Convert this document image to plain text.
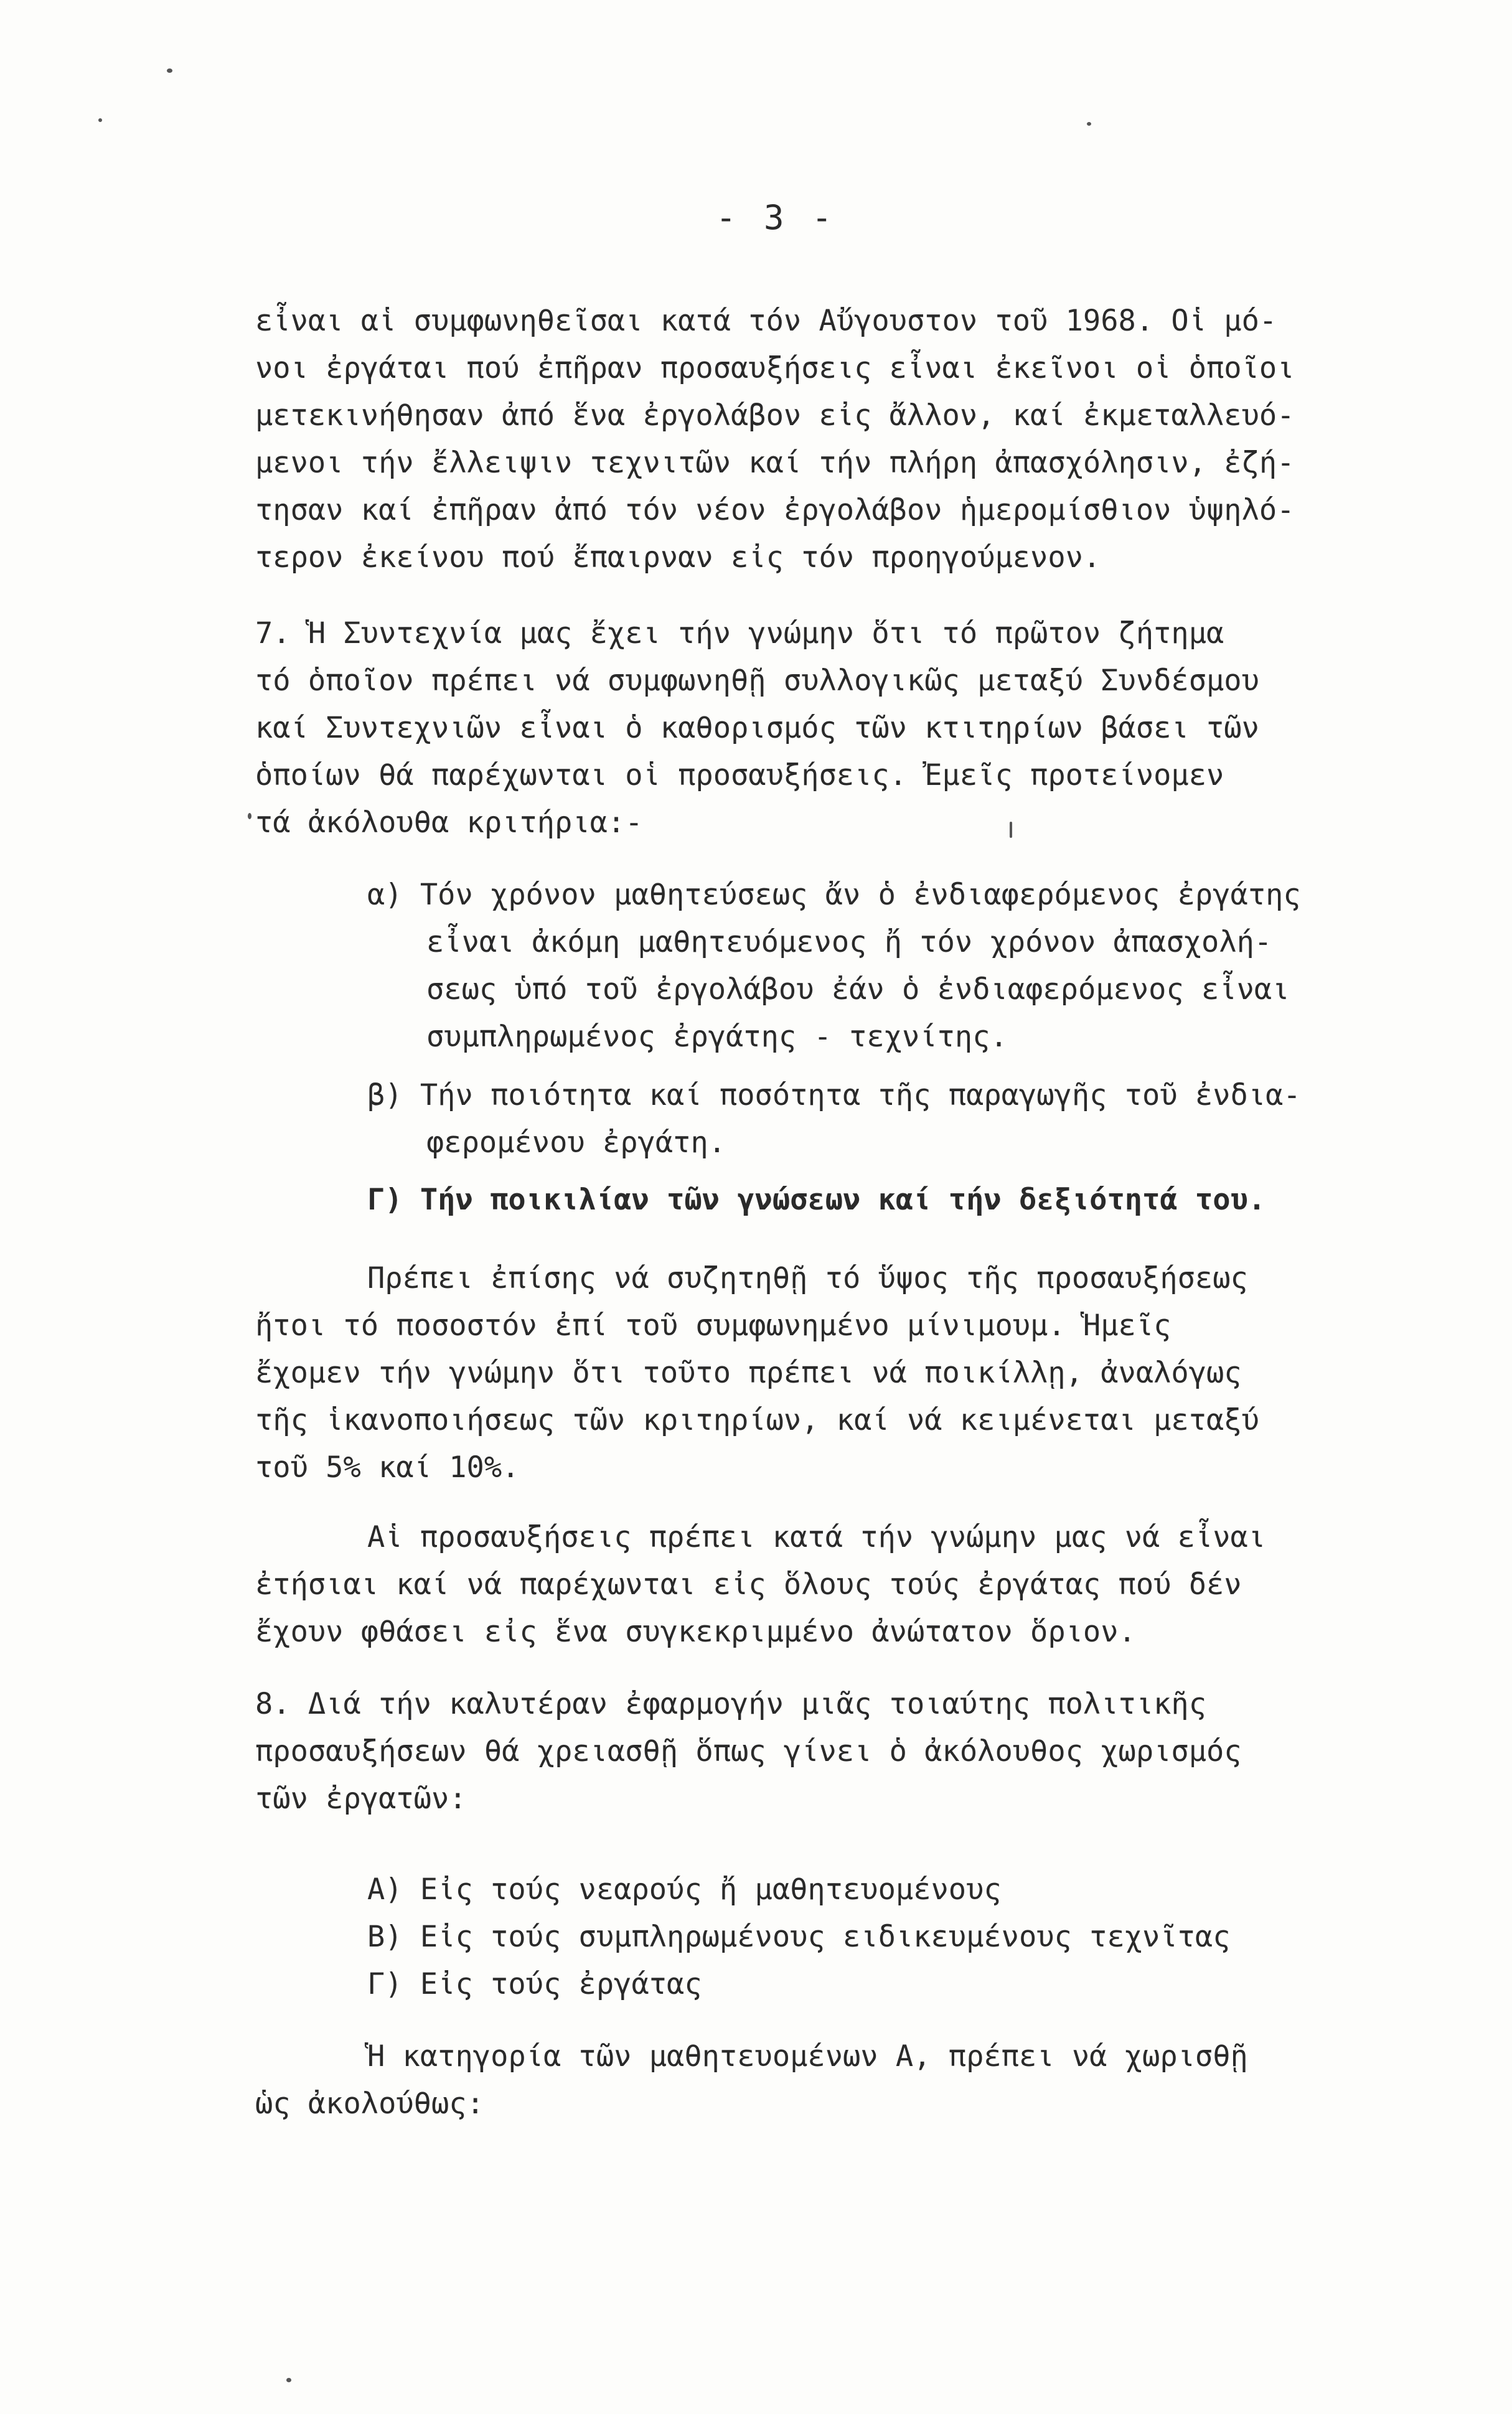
- 3 -
εἶναι αἱ συμφωνηθεῖσαι κατά τόν Αὔγουστον τοῦ 1968. Οἱ μό-
νοι ἐργάται πού ἐπῆραν προσαυξήσεις εἶναι ἐκεῖνοι οἱ ὁποῖοι
μετεκινήθησαν ἀπό ἕνα ἐργολάβον εἰς ἄλλον, καί ἐκμεταλλευό-
μενοι τήν ἔλλειψιν τεχνιτῶν καί τήν πλήρη ἀπασχόλησιν, ἐζή-
τησαν καί ἐπῆραν ἀπό τόν νέον ἐργολάβον ἡμερομίσθιον ὑψηλό-
τερον ἐκείνου πού ἔπαιρναν εἰς τόν προηγούμενον.
7. Ἡ Συντεχνία μας ἔχει τήν γνώμην ὅτι τό πρῶτον ζήτημα
τό ὁποῖον πρέπει νά συμφωνηθῇ συλλογικῶς μεταξύ Συνδέσμου
καί Συντεχνιῶν εἶναι ὁ καθορισμός τῶν κτιτηρίων βάσει τῶν
ὁποίων θά παρέχωνται οἱ προσαυξήσεις. Ἐμεῖς προτείνομεν
τά ἀκόλουθα κριτήρια:-
α) Τόν χρόνον μαθητεύσεως ἄν ὁ ἐνδιαφερόμενος ἐργάτης
εἶναι ἀκόμη μαθητευόμενος ἤ τόν χρόνον ἀπασχολή-
σεως ὑπό τοῦ ἐργολάβου ἐάν ὁ ἐνδιαφερόμενος εἶναι
συμπληρωμένος ἐργάτης - τεχνίτης.
β) Τήν ποιότητα καί ποσότητα τῆς παραγωγῆς τοῦ ἐνδια-
φερομένου ἐργάτη.
Γ) Τήν ποικιλίαν τῶν γνώσεων καί τήν δεξιότητά του.
Πρέπει ἐπίσης νά συζητηθῇ τό ὕψος τῆς προσαυξήσεως
ἤτοι τό ποσοστόν ἐπί τοῦ συμφωνημένο μίνιμουμ. Ἡμεῖς
ἔχομεν τήν γνώμην ὅτι τοῦτο πρέπει νά ποικίλλῃ, ἀναλόγως
τῆς ἱκανοποιήσεως τῶν κριτηρίων, καί νά κειμένεται μεταξύ
τοῦ 5% καί 10%.
Αἱ προσαυξήσεις πρέπει κατά τήν γνώμην μας νά εἶναι
ἐτήσιαι καί νά παρέχωνται εἰς ὅλους τούς ἐργάτας πού δέν
ἔχουν φθάσει εἰς ἕνα συγκεκριμμένο ἀνώτατον ὅριον.
8. Διά τήν καλυτέραν ἐφαρμογήν μιᾶς τοιαύτης πολιτικῆς
προσαυξήσεων θά χρειασθῇ ὅπως γίνει ὁ ἀκόλουθος χωρισμός
τῶν ἐργατῶν:
Α) Εἰς τούς νεαρούς ἤ μαθητευομένους
Β) Εἰς τούς συμπληρωμένους ειδικευμένους τεχνῖτας
Γ) Εἰς τούς ἐργάτας
Ἡ κατηγορία τῶν μαθητευομένων Α, πρέπει νά χωρισθῇ
ὡς ἀκολούθως:
